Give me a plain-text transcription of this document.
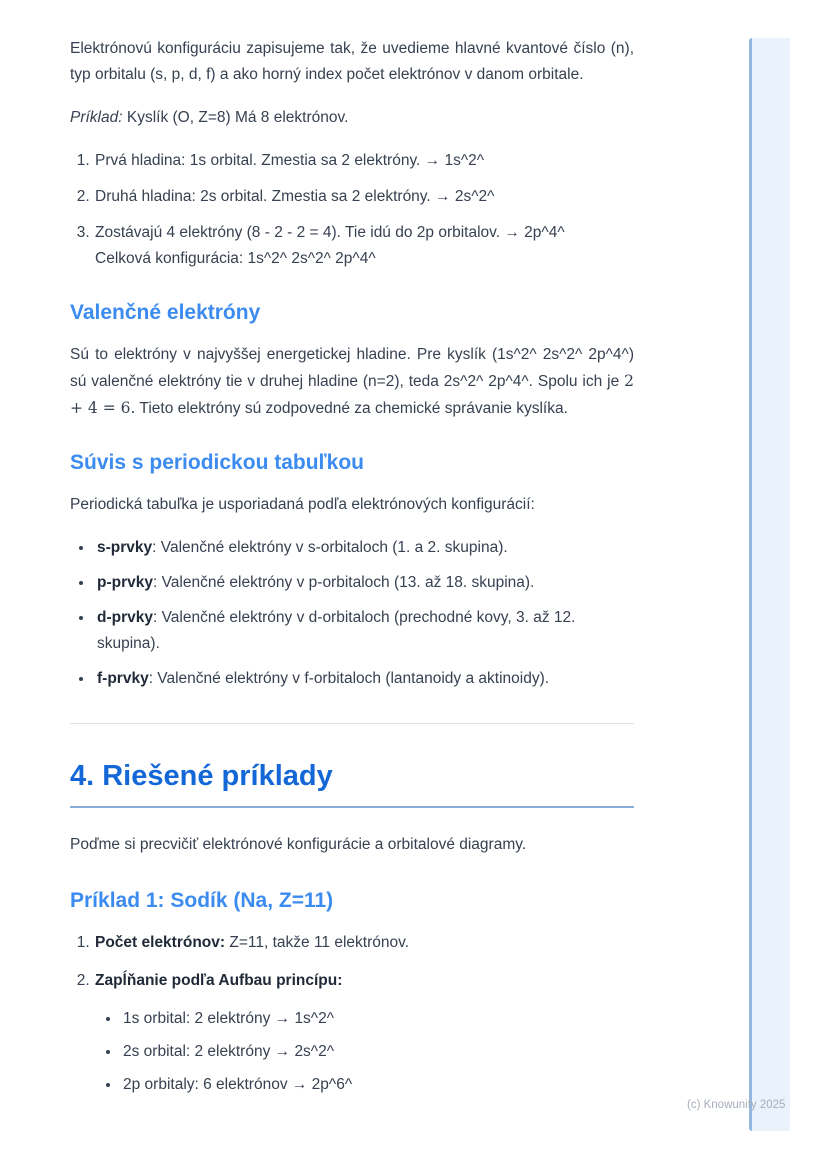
Elektrónovú konfiguráciu zapisujeme tak, že uvedieme hlavné kvantové číslo (n), typ orbitalu (s, p, d, f) a ako horný index počet elektrónov v danom orbitale.

Príklad: Kyslík (O, Z=8) Má 8 elektrónov.

1. Prvá hladina: 1s orbital. Zmestia sa 2 elektróny. → 1s^2^
2. Druhá hladina: 2s orbital. Zmestia sa 2 elektróny. → 2s^2^
3. Zostávajú 4 elektróny (8 - 2 - 2 = 4). Tie idú do 2p orbitalov. → 2p^4^
Celková konfigurácia: 1s^2^ 2s^2^ 2p^4^
Valenčné elektróny

Sú to elektróny v najvyššej energetickej hladine. Pre kyslík (1s^2^ 2s^2^ 2p^4^) sú valenčné elektróny tie v druhej hladine (n=2), teda 2s^2^ 2p^4^. Spolu ich je 2 + 4 = 6. Tieto elektróny sú zodpovedné za chemické správanie kyslíka.

Súvis s periodickou tabuľkou

Periodická tabuľka je usporiadaná podľa elektrónových konfigurácií:

• s-prvky: Valenčné elektróny v s-orbitaloch (1. a 2. skupina).
• p-prvky: Valenčné elektróny v p-orbitaloch (13. až 18. skupina).
• d-prvky: Valenčné elektróny v d-orbitaloch (prechodné kovy, 3. až 12. skupina).
• f-prvky: Valenčné elektróny v f-orbitaloch (lantanoidy a aktinoidy).
4. Riešené príklady

Poďme si precvičiť elektrónové konfigurácie a orbitalové diagramy.

Príklad 1: Sodík (Na, Z=11)
1. Počet elektrónov: Z=11, takže 11 elektrónov.
2. Zapĺňanie podľa Aufbau princípu:
• 1s orbital: 2 elektróny → 1s^2^
• 2s orbital: 2 elektróny → 2s^2^
• 2p orbitaly: 6 elektrónov → 2p^6^
(c) Knowunity 2025
